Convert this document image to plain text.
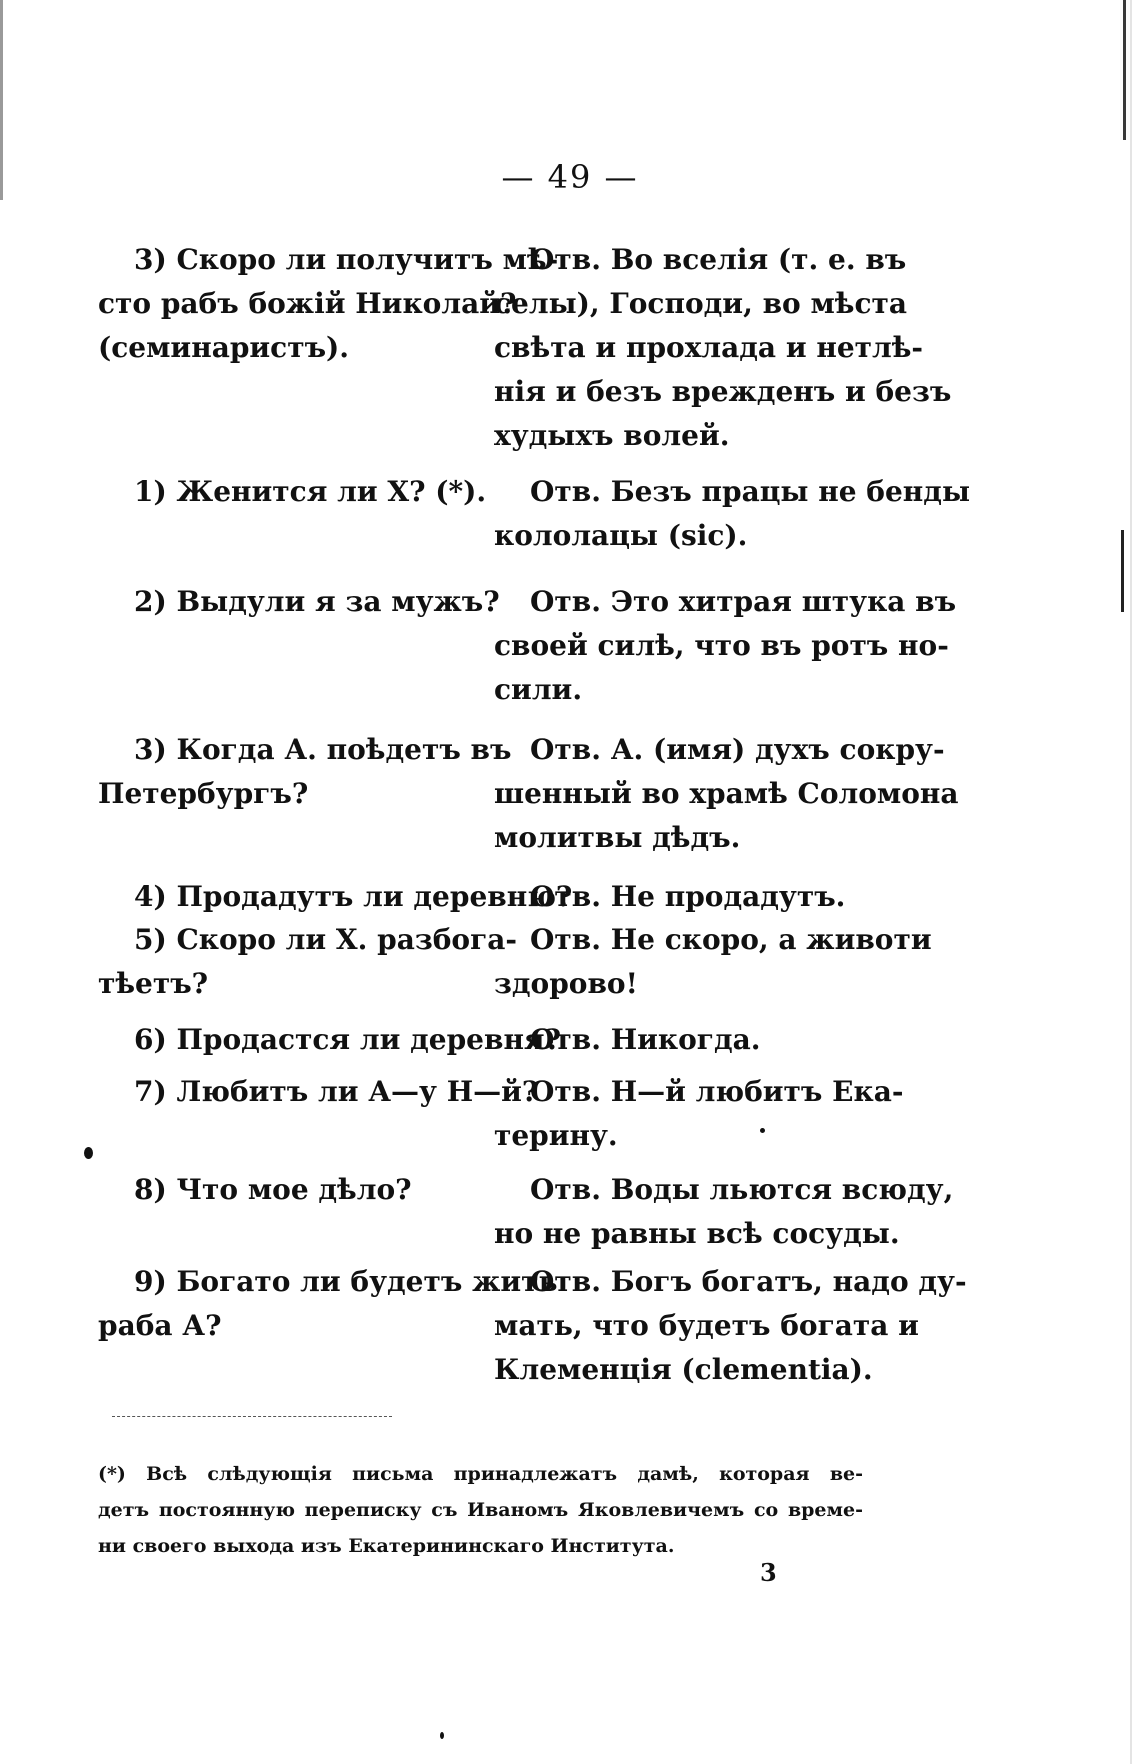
— 49 —
3) Скоро ли получитъ мѣ-
сто рабъ божій Николай?
(семинаристъ).
Отв. Во вселія (т. е. въ
селы), Господи, во мѣста
свѣта и прохлада и нетлѣ-
нія и безъ врежденъ и безъ
худыхъ волей.
1) Женится ли X? (*).	Отв. Безъ працы не бенды
кололацы (sic).
2) Выдули я за мужъ?	Отв. Это хитрая штука въ
своей силѣ, что въ ротъ но-
сили.
3) Когда А. поѣдетъ въ
Петербургъ?
Отв. А. (имя) духъ сокру-
шенный во храмѣ Соломона
молитвы дѣдъ.
4) Продадутъ ли деревню?
Отв. Не продадутъ.
5) Скоро ли X. разбога-
тѣетъ?
Отв. Не скоро, а животи
здорово!
6) Продастся ли деревня?
Отв. Никогда.
7) Любитъ ли А—у Н—й?
Отв. Н—й любитъ Ека-
терину.
8) Что мое дѣло?	Отв. Воды льются всюду,
но не равны всѣ сосуды.
9) Богато ли будетъ жить
раба А?
Отв. Богъ богатъ, надо ду-
мать, что будетъ богата и
Клеменція (clementia).
(*) Всѣ слѣдующія письма принадлежатъ дамѣ, которая ве-
детъ постоянную переписку съ Иваномъ Яковлевичемъ со време-
ни своего выхода изъ Екатерининскаго Института.
3
